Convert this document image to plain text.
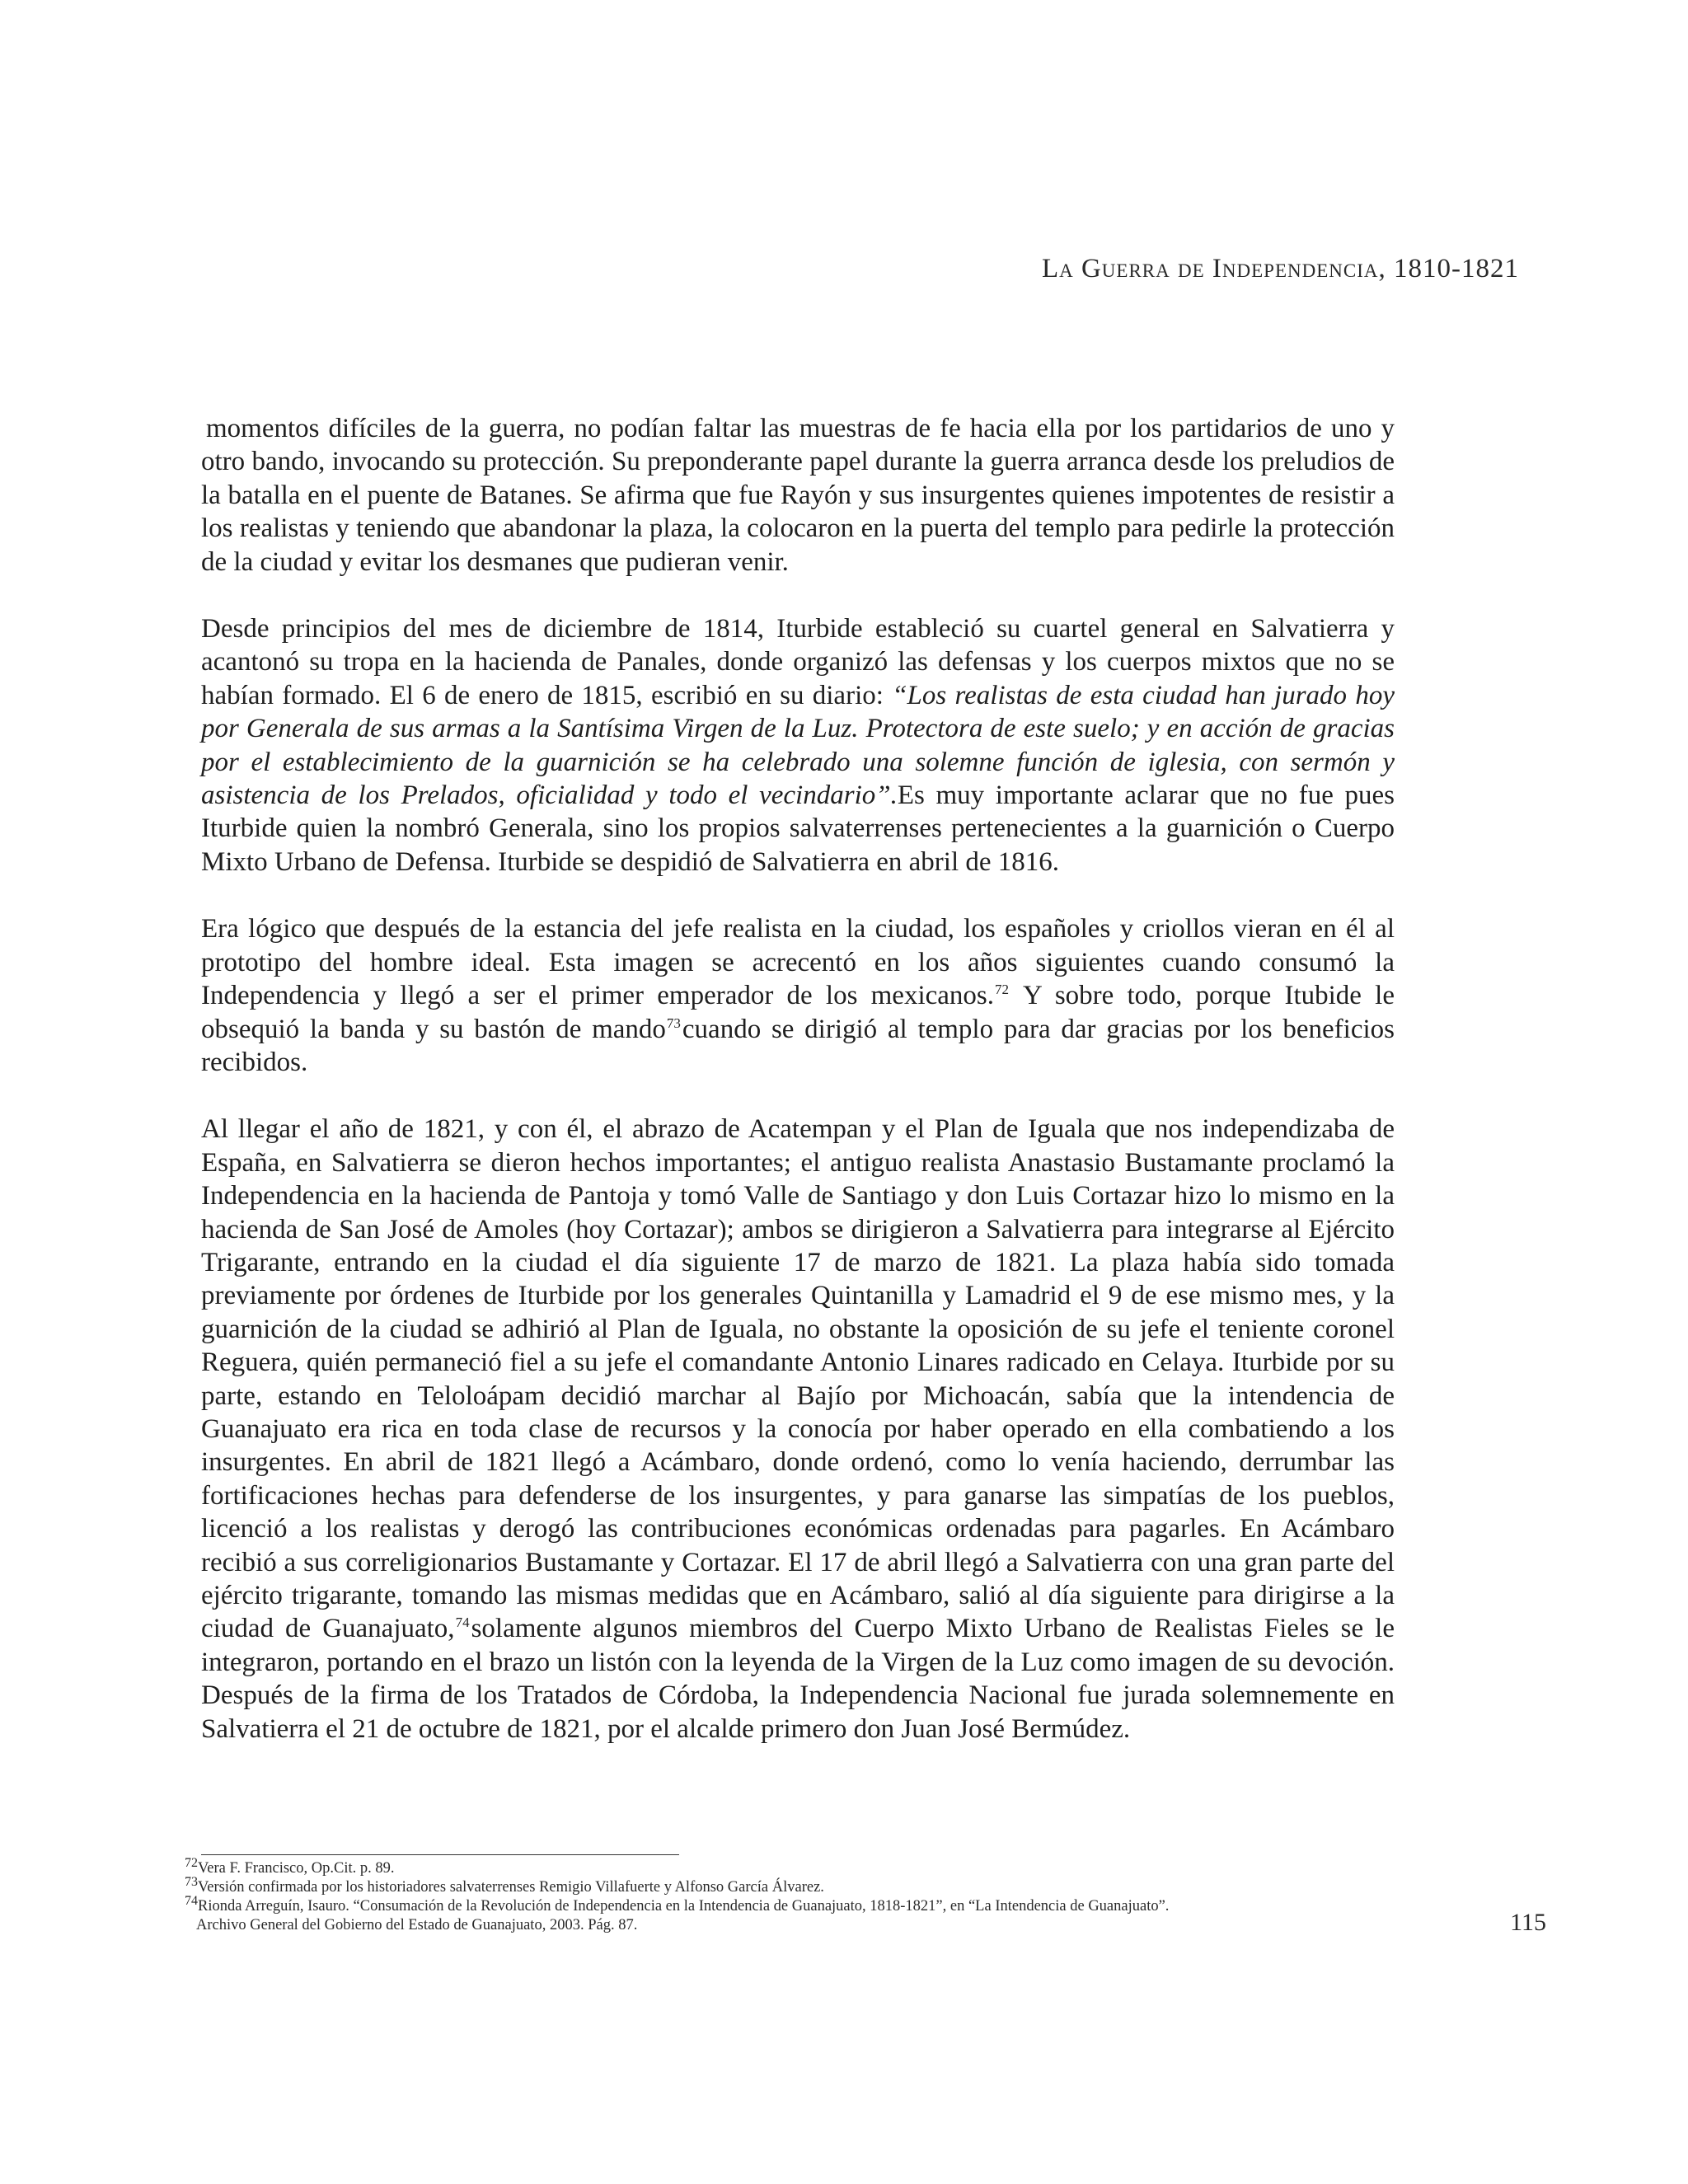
La Guerra de Independencia, 1810-1821

momentos difíciles de la guerra, no podían faltar las muestras de fe hacia ella por los partidarios de uno y otro bando, invocando su protección. Su preponderante papel durante la guerra arranca desde los preludios de la batalla en el puente de Batanes. Se afirma que fue Rayón y sus insurgentes quienes impotentes de resistir a los realistas y teniendo que abandonar la plaza, la colocaron en la puerta del templo para pedirle la protección de la ciudad y evitar los desmanes que pudieran venir.

Desde principios del mes de diciembre de 1814, Iturbide estableció su cuartel general en Salvatierra y acantonó su tropa en la hacienda de Panales, donde organizó las defensas y los cuerpos mixtos que no se habían formado. El 6 de enero de 1815, escribió en su diario: “Los realistas de esta ciudad han jurado hoy por Generala de sus armas a la Santísima Virgen de la Luz. Protectora de este suelo; y en acción de gracias por el establecimiento de la guarnición se ha celebrado una solemne función de iglesia, con sermón y asistencia de los Prelados, oficialidad y todo el vecindario”.Es muy importante aclarar que no fue pues Iturbide quien la nombró Generala, sino los propios salvaterrenses pertenecientes a la guarnición o Cuerpo Mixto Urbano de Defensa. Iturbide se despidió de Salvatierra en abril de 1816.

Era lógico que después de la estancia del jefe realista en la ciudad, los españoles y criollos vieran en él al prototipo del hombre ideal. Esta imagen se acrecentó en los años siguientes cuando consumó la Independencia y llegó a ser el primer emperador de los mexicanos.$^{72}$ Y sobre todo, porque Itubide le obsequió la banda y su bastón de mando$^{73}$cuando se dirigió al templo para dar gracias por los beneficios recibidos.

Al llegar el año de 1821, y con él, el abrazo de Acatempan y el Plan de Iguala que nos independizaba de España, en Salvatierra se dieron hechos importantes; el antiguo realista Anastasio Bustamante proclamó la Independencia en la hacienda de Pantoja y tomó Valle de Santiago y don Luis Cortazar hizo lo mismo en la hacienda de San José de Amoles (hoy Cortazar); ambos se dirigieron a Salvatierra para integrarse al Ejército Trigarante, entrando en la ciudad el día siguiente 17 de marzo de 1821. La plaza había sido tomada previamente por órdenes de Iturbide por los generales Quintanilla y Lamadrid el 9 de ese mismo mes, y la guarnición de la ciudad se adhirió al Plan de Iguala, no obstante la oposición de su jefe el teniente coronel Reguera, quién permaneció fiel a su jefe el comandante Antonio Linares radicado en Celaya. Iturbide por su parte, estando en Teloloápam decidió marchar al Bajío por Michoacán, sabía que la intendencia de Guanajuato era rica en toda clase de recursos y la conocía por haber operado en ella combatiendo a los insurgentes. En abril de 1821 llegó a Acámbaro, donde ordenó, como lo venía haciendo, derrumbar las fortificaciones hechas para defenderse de los insurgentes, y para ganarse las simpatías de los pueblos, licenció a los realistas y derogó las contribuciones económicas ordenadas para pagarles. En Acámbaro recibió a sus correligionarios Bustamante y Cortazar. El 17 de abril llegó a Salvatierra con una gran parte del ejército trigarante, tomando las mismas medidas que en Acámbaro, salió al día siguiente para dirigirse a la ciudad de Guanajuato,$^{74}$solamente algunos miembros del Cuerpo Mixto Urbano de Realistas Fieles se le integraron, portando en el brazo un listón con la leyenda de la Virgen de la Luz como imagen de su devoción. Después de la firma de los Tratados de Córdoba, la Independencia Nacional fue jurada solemnemente en Salvatierra el 21 de octubre de 1821, por el alcalde primero don Juan José Bermúdez.

72Vera F. Francisco, Op.Cit. p. 89.
73Versión confirmada por los historiadores salvaterrenses Remigio Villafuerte y Alfonso García Álvarez.
74Rionda Arreguín, Isauro. “Consumación de la Revolución de Independencia en la Intendencia de Guanajuato, 1818-1821”, en “La Intendencia de Guanajuato”.
Archivo General del Gobierno del Estado de Guanajuato, 2003. Pág. 87.	115
